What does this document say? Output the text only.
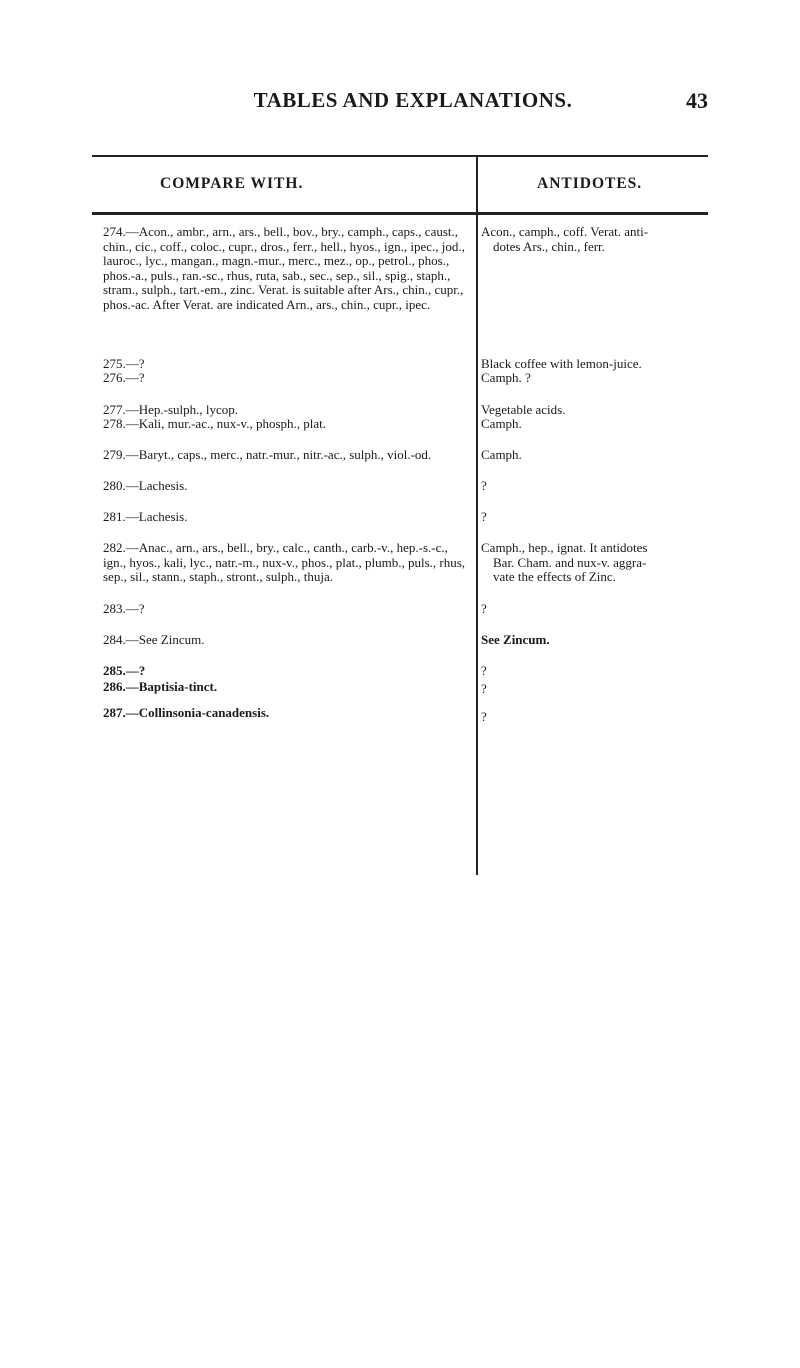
TABLES AND EXPLANATIONS.	43
COMPARE WITH.	ANTIDOTES.
274.—Acon., ambr., arn., ars., bell., bov., bry., camph., caps., caust., chin., cic., coff., coloc., cupr., dros., ferr., hell., hyos., ign., ipec., jod., lauroc., lyc., mangan., magn.-mur., merc., mez., op., petrol., phos., phos.-a., puls., ran.-sc., rhus, ruta, sab., sec., sep., sil., spig., staph., stram., sulph., tart.-em., zinc. Verat. is suitable after Ars., chin., cupr., phos.-ac. After Verat. are indicated Arn., ars., chin., cupr., ipec.
275.—?
276.—?
277.—Hep.-sulph., lycop.
278.—Kali, mur.-ac., nux-v., phosph., plat.
279.—Baryt., caps., merc., natr.-mur., nitr.-ac., sulph., viol.-od.
280.—Lachesis.
281.—Lachesis.
282.—Anac., arn., ars., bell., bry., calc., canth., carb.-v., hep.-s.-c., ign., hyos., kali, lyc., natr.-m., nux-v., phos., plat., plumb., puls., rhus, sep., sil., stann., staph., stront., sulph., thuja.
283.—?
284.—See Zincum.
285.—?
286.—Baptisia-tinct.
287.—Collinsonia-canadensis.
Acon., camph., coff. Verat. anti-
dotes Ars., chin., ferr.
Black coffee with lemon-juice.
Camph. ?
Vegetable acids.
Camph.
Camph.
?
?
Camph., hep., ignat. It antidotes
Bar. Cham. and nux-v. aggra-
vate the effects of Zinc.
?
See Zincum.
?
?
?
